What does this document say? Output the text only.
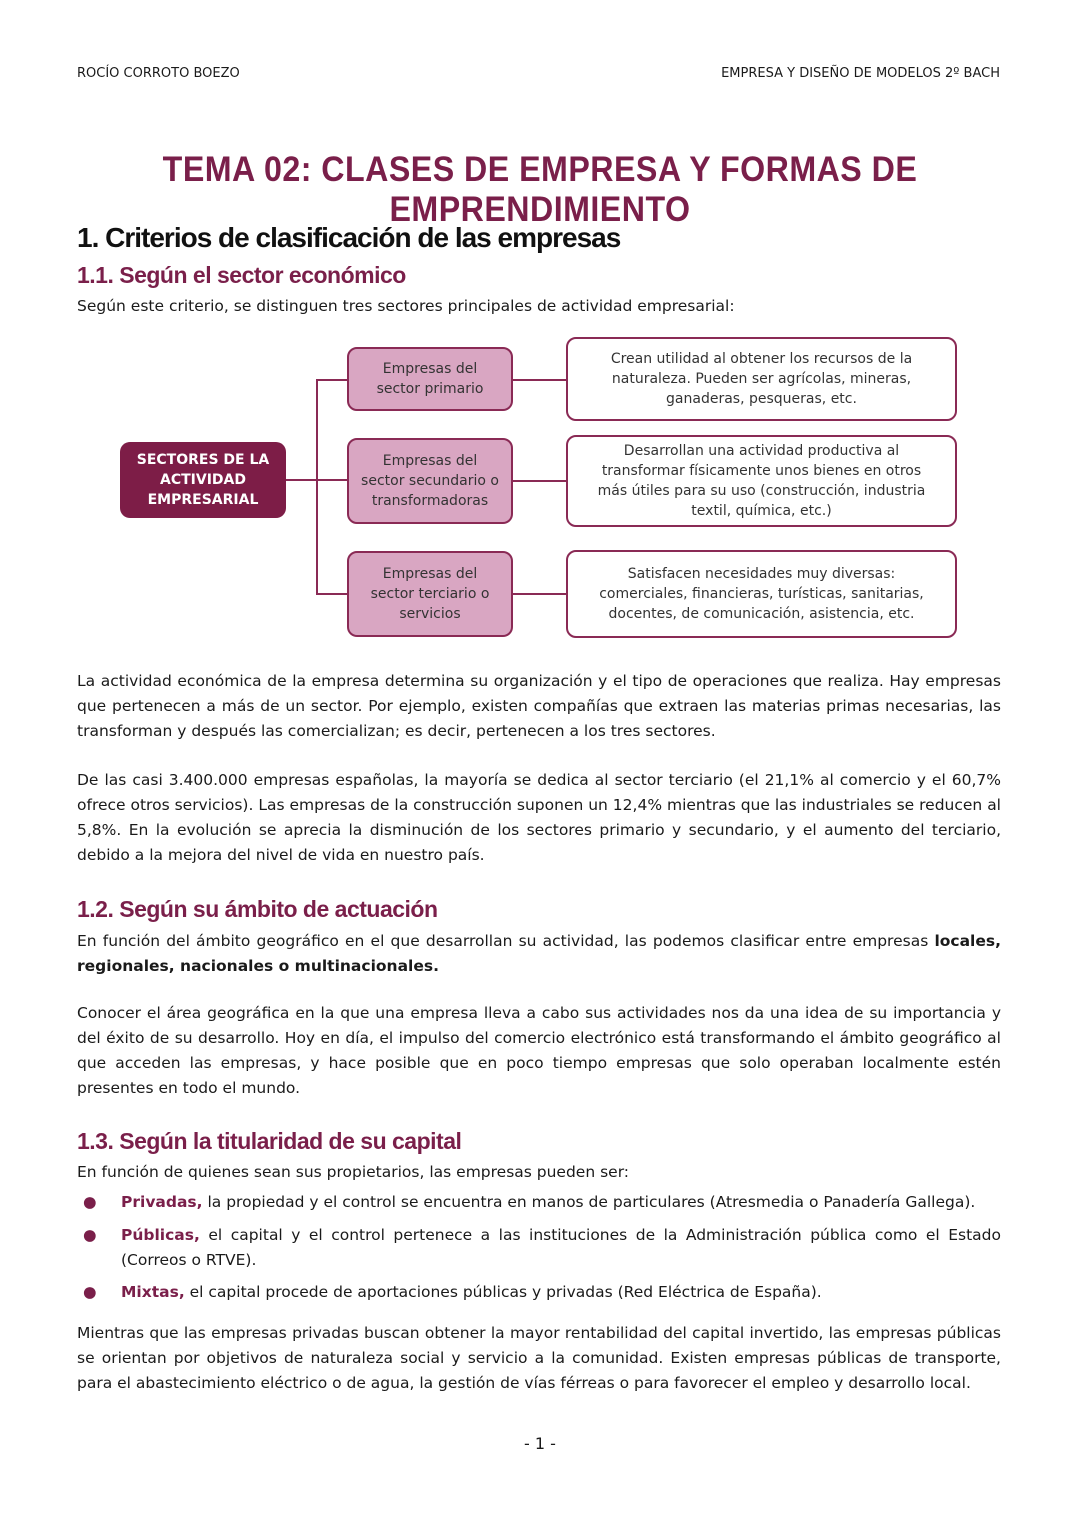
ROCÍO CORROTO BOEZO	EMPRESA Y DISEÑO DE MODELOS 2º BACH
TEMA 02: CLASES DE EMPRESA Y FORMAS DE EMPRENDIMIENTO
1. Criterios de clasificación de las empresas
1.1. Según el sector económico
Según este criterio, se distinguen tres sectores principales de actividad empresarial:
SECTORES DE LA ACTIVIDAD EMPRESARIAL
Empresas del sector primario
Empresas del sector secundario o transformadoras
Empresas del sector terciario o servicios
Crean utilidad al obtener los recursos de la naturaleza. Pueden ser agrícolas, mineras, ganaderas, pesqueras, etc.
Desarrollan una actividad productiva al transformar físicamente unos bienes en otros más útiles para su uso (construcción, industria textil, química, etc.)
Satisfacen necesidades muy diversas: comerciales, financieras, turísticas, sanitarias, docentes, de comunicación, asistencia, etc.
La actividad económica de la empresa determina su organización y el tipo de operaciones que realiza. Hay empresas que pertenecen a más de un sector. Por ejemplo, existen compañías que extraen las materias primas necesarias, las transforman y después las comercializan; es decir, pertenecen a los tres sectores.
De las casi 3.400.000 empresas españolas, la mayoría se dedica al sector terciario (el 21,1% al comercio y el 60,7% ofrece otros servicios). Las empresas de la construcción suponen un 12,4% mientras que las industriales se reducen al 5,8%. En la evolución se aprecia la disminución de los sectores primario y secundario, y el aumento del terciario, debido a la mejora del nivel de vida en nuestro país.
1.2. Según su ámbito de actuación
En función del ámbito geográfico en el que desarrollan su actividad, las podemos clasificar entre empresas locales, regionales, nacionales o multinacionales.
Conocer el área geográfica en la que una empresa lleva a cabo sus actividades nos da una idea de su importancia y del éxito de su desarrollo. Hoy en día, el impulso del comercio electrónico está transformando el ámbito geográfico al que acceden las empresas, y hace posible que en poco tiempo empresas que solo operaban localmente estén presentes en todo el mundo.
1.3. Según la titularidad de su capital
En función de quienes sean sus propietarios, las empresas pueden ser:
●	Privadas, la propiedad y el control se encuentra en manos de particulares (Atresmedia o Panadería Gallega).
●	Públicas, el capital y el control pertenece a las instituciones de la Administración pública como el Estado (Correos o RTVE).
●	Mixtas, el capital procede de aportaciones públicas y privadas (Red Eléctrica de España).
Mientras que las empresas privadas buscan obtener la mayor rentabilidad del capital invertido, las empresas públicas se orientan por objetivos de naturaleza social y servicio a la comunidad. Existen empresas públicas de transporte, para el abastecimiento eléctrico o de agua, la gestión de vías férreas o para favorecer el empleo y desarrollo local.
- 1 -
